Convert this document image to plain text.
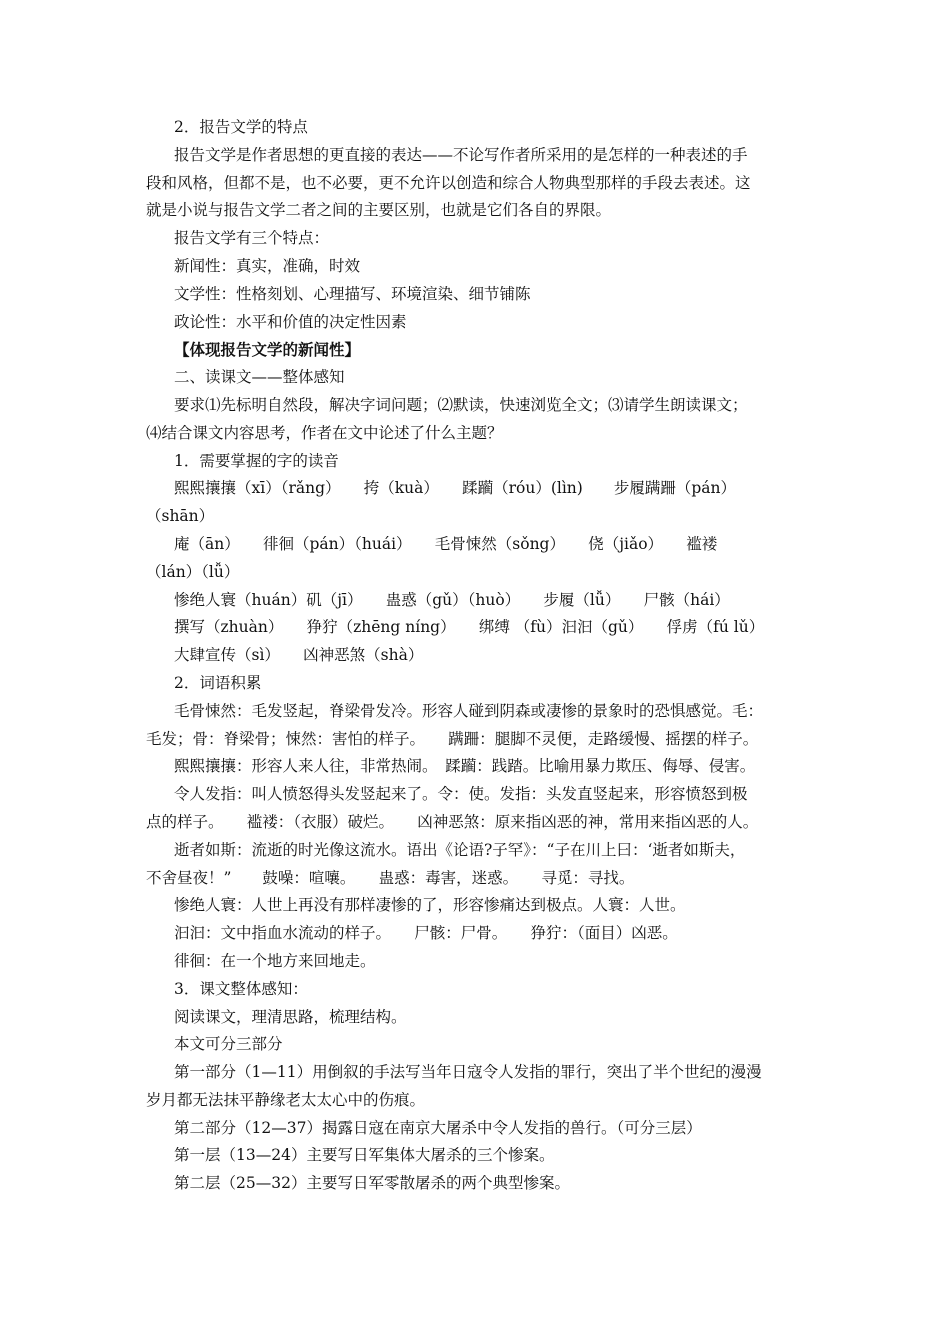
2．报告文学的特点
报告文学是作者思想的更直接的表达——不论写作者所采用的是怎样的一种表述的手
段和风格，但都不是，也不必要，更不允许以创造和综合人物典型那样的手段去表述。这
就是小说与报告文学二者之间的主要区别，也就是它们各自的界限。
报告文学有三个特点：
新闻性：真实，准确，时效
文学性：性格刻划、心理描写、环境渲染、细节铺陈
政论性：水平和价值的决定性因素
【体现报告文学的新闻性】
二、读课文——整体感知
要求⑴先标明自然段，解决字词问题；⑵默读，快速浏览全文；⑶请学生朗读课文；
⑷结合课文内容思考，作者在文中论述了什么主题？
1．需要掌握的字的读音
熙熙攘攘（xī）（rǎng）　　挎（kuà）　　蹂躏（róu）(lìn)　　步履蹒跚（pán）
（shān）
庵（ān）　　徘徊（pán）（huái）　　毛骨悚然（sǒng）　　侥（jiǎo）　　褴褛
（lán）（lǚ）
惨绝人寰（huán）矶（jī）　　蛊惑（gǔ）（huò）　　步履（lǚ）　　尸骸（hái）
撰写（zhuàn）　　狰狞（zhēng níng）　　绑缚 （fù）汩汩（gǔ）　　俘虏（fú lǔ）
大肆宣传（sì）　　凶神恶煞（shà）
2．词语积累
毛骨悚然：毛发竖起，脊梁骨发冷。形容人碰到阴森或凄惨的景象时的恐惧感觉。毛：
毛发；骨：脊梁骨；悚然：害怕的样子。　　蹒跚：腿脚不灵便，走路缓慢、摇摆的样子。
熙熙攘攘：形容人来人往，非常热闹。　蹂躏：践踏。比喻用暴力欺压、侮辱、侵害。
令人发指：叫人愤怒得头发竖起来了。令：使。发指：头发直竖起来，形容愤怒到极
点的样子。　　褴褛：（衣服）破烂。　　凶神恶煞：原来指凶恶的神，常用来指凶恶的人。
逝者如斯：流逝的时光像这流水。语出《论语?子罕》：“子在川上曰：‘逝者如斯夫，
不舍昼夜！”　　鼓噪：喧嚷。　　蛊惑：毒害，迷惑。　　寻觅：寻找。
惨绝人寰：人世上再没有那样凄惨的了，形容惨痛达到极点。人寰：人世。
汩汩：文中指血水流动的样子。　　尸骸：尸骨。　　狰狞：（面目）凶恶。
徘徊：在一个地方来回地走。
3．课文整体感知：
阅读课文，理清思路，梳理结构。
本文可分三部分
第一部分（1—11）用倒叙的手法写当年日寇令人发指的罪行，突出了半个世纪的漫漫
岁月都无法抹平静缘老太太心中的伤痕。
第二部分（12—37）揭露日寇在南京大屠杀中令人发指的兽行。（可分三层）
第一层（13—24）主要写日军集体大屠杀的三个惨案。
第二层（25—32）主要写日军零散屠杀的两个典型惨案。
